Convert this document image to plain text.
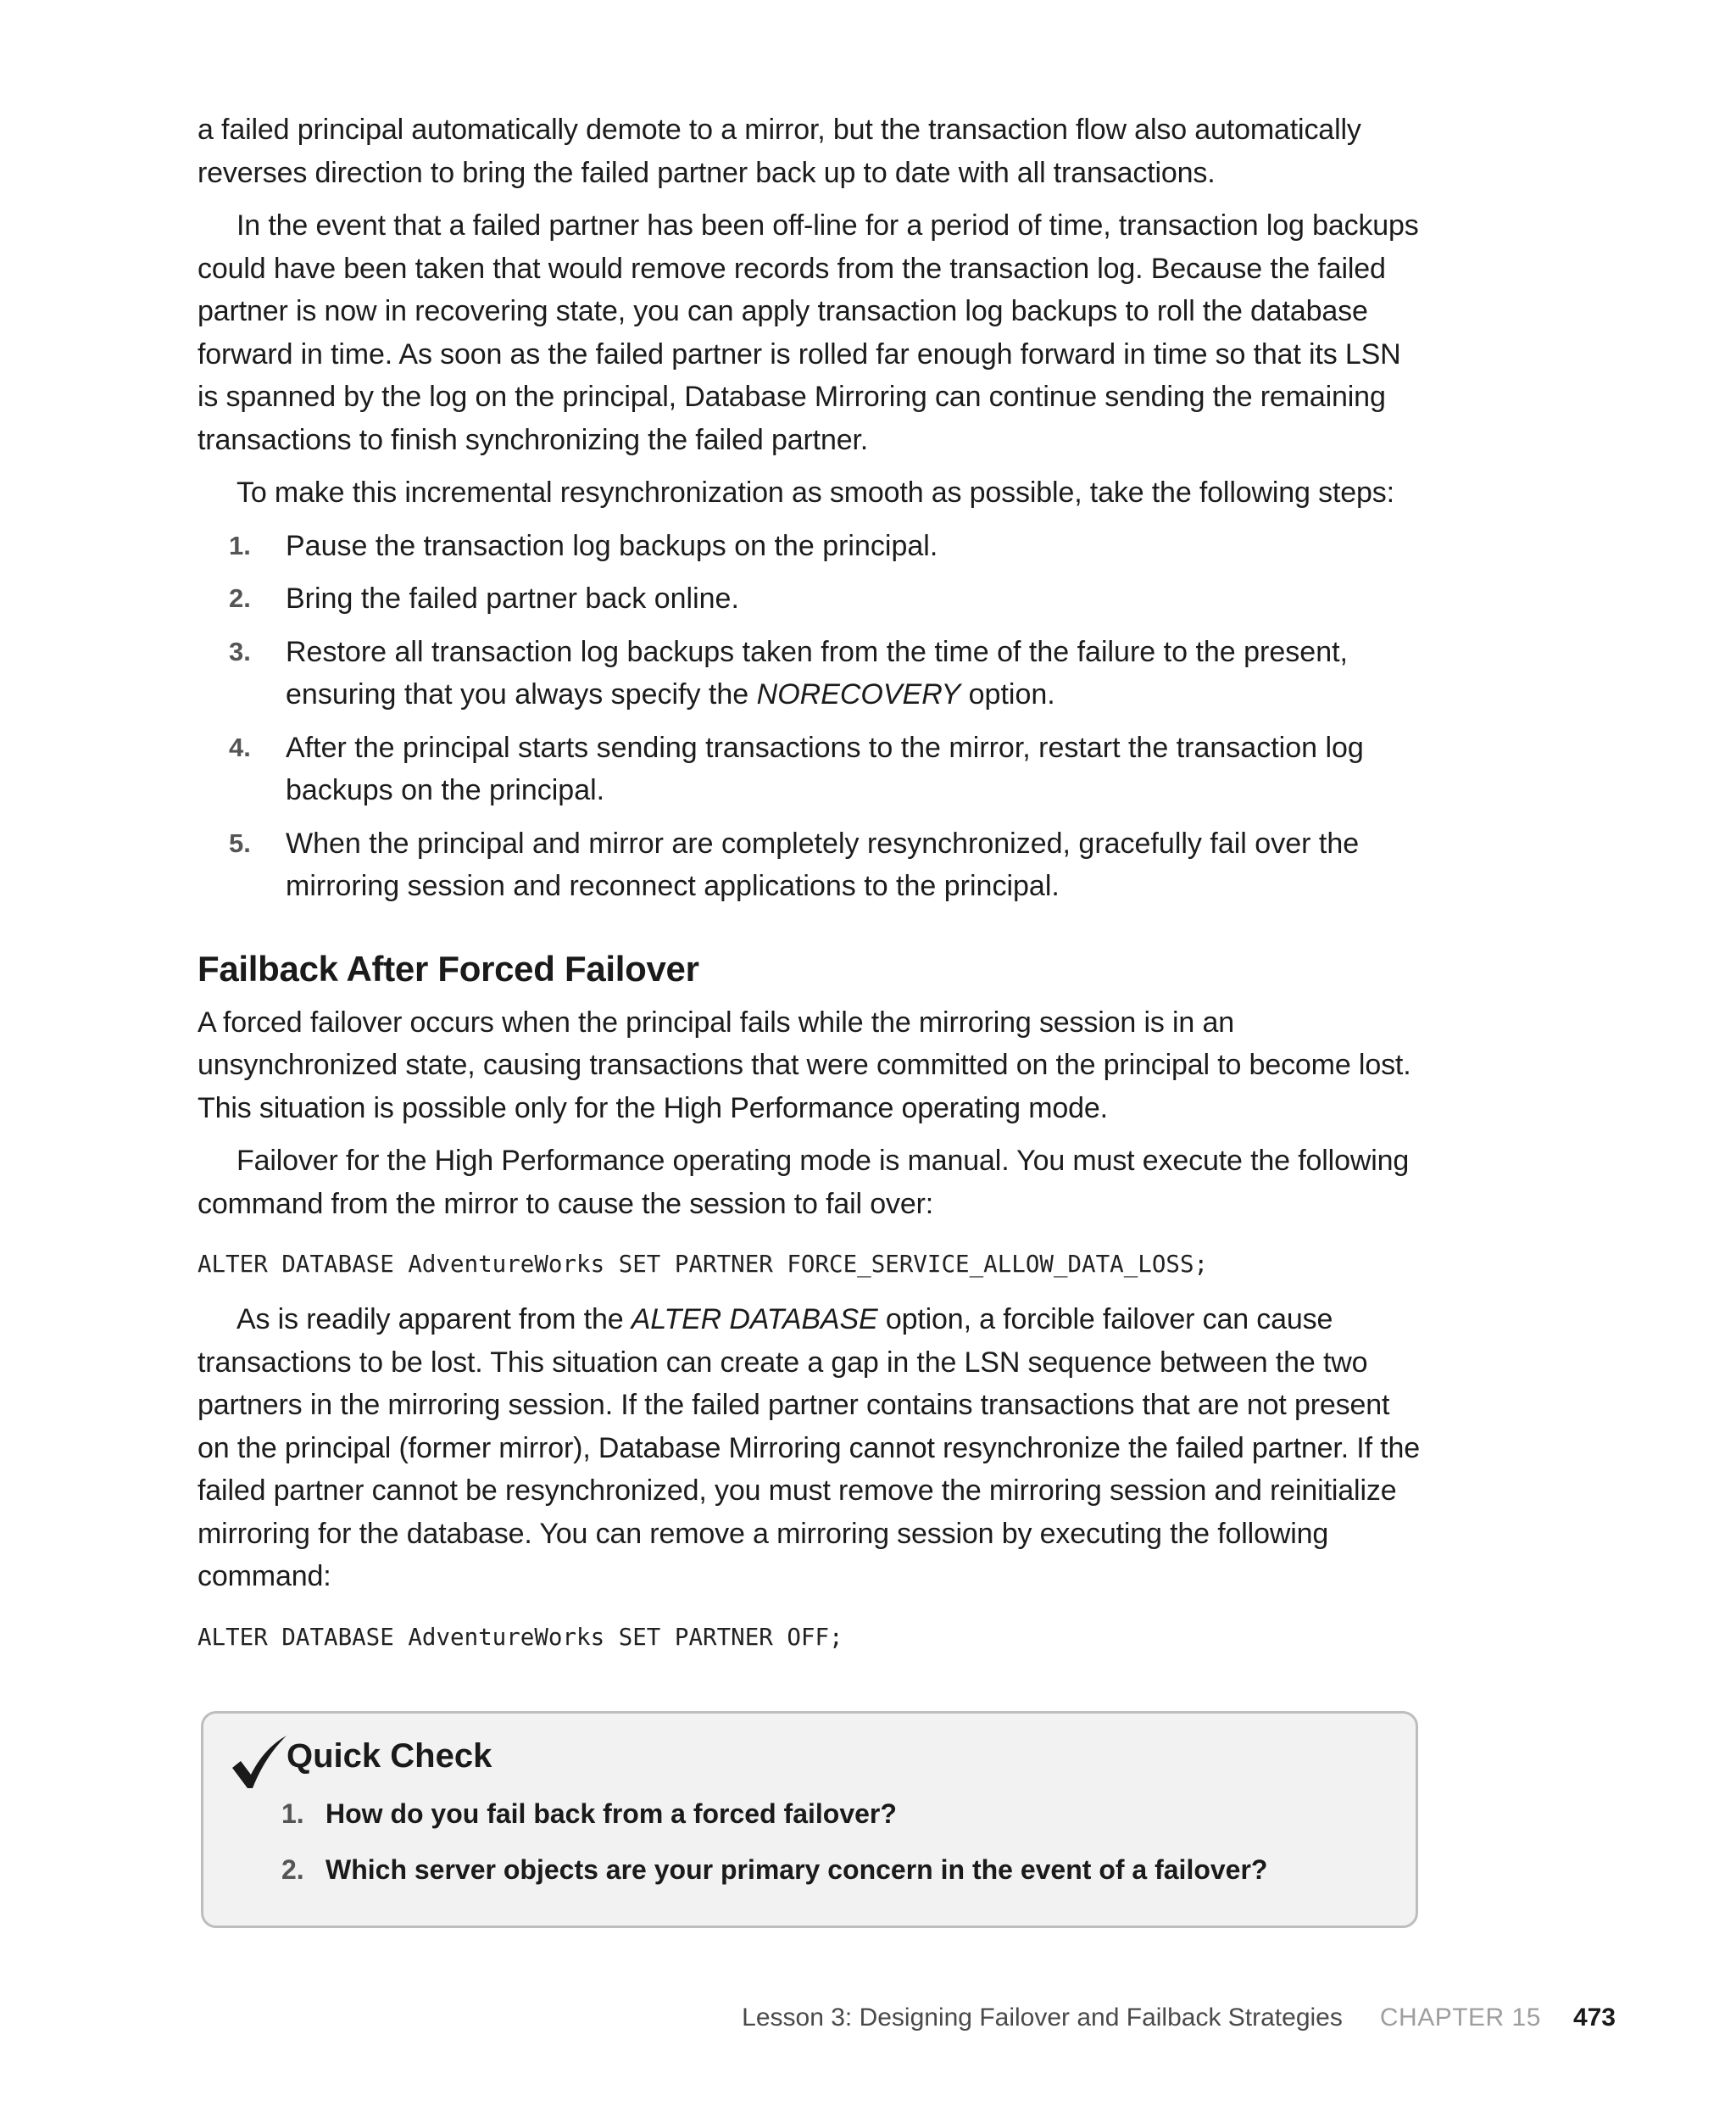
a failed principal automatically demote to a mirror, but the transaction flow also automatically reverses direction to bring the failed partner back up to date with all transactions.

In the event that a failed partner has been off-line for a period of time, transaction log backups could have been taken that would remove records from the transaction log. Because the failed partner is now in recovering state, you can apply transaction log backups to roll the database forward in time. As soon as the failed partner is rolled far enough forward in time so that its LSN is spanned by the log on the principal, Database Mirroring can continue sending the remaining transactions to finish synchronizing the failed partner.

To make this incremental resynchronization as smooth as possible, take the following steps:

1. Pause the transaction log backups on the principal.
2. Bring the failed partner back online.
3. Restore all transaction log backups taken from the time of the failure to the present, ensuring that you always specify the NORECOVERY option.
4. After the principal starts sending transactions to the mirror, restart the transaction log backups on the principal.
5. When the principal and mirror are completely resynchronized, gracefully fail over the mirroring session and reconnect applications to the principal.
Failback After Forced Failover

A forced failover occurs when the principal fails while the mirroring session is in an unsynchronized state, causing transactions that were committed on the principal to become lost. This situation is possible only for the High Performance operating mode.

Failover for the High Performance operating mode is manual. You must execute the following command from the mirror to cause the session to fail over:

ALTER DATABASE AdventureWorks SET PARTNER FORCE_SERVICE_ALLOW_DATA_LOSS;

As is readily apparent from the ALTER DATABASE option, a forcible failover can cause transactions to be lost. This situation can create a gap in the LSN sequence between the two partners in the mirroring session. If the failed partner contains transactions that are not present on the principal (former mirror), Database Mirroring cannot resynchronize the failed partner. If the failed partner cannot be resynchronized, you must remove the mirroring session and reinitialize mirroring for the database. You can remove a mirroring session by executing the following command:

ALTER DATABASE AdventureWorks SET PARTNER OFF;
Quick Check
1. How do you fail back from a forced failover?
2. Which server objects are your primary concern in the event of a failover?
Lesson 3: Designing Failover and Failback Strategies CHAPTER 15 473
